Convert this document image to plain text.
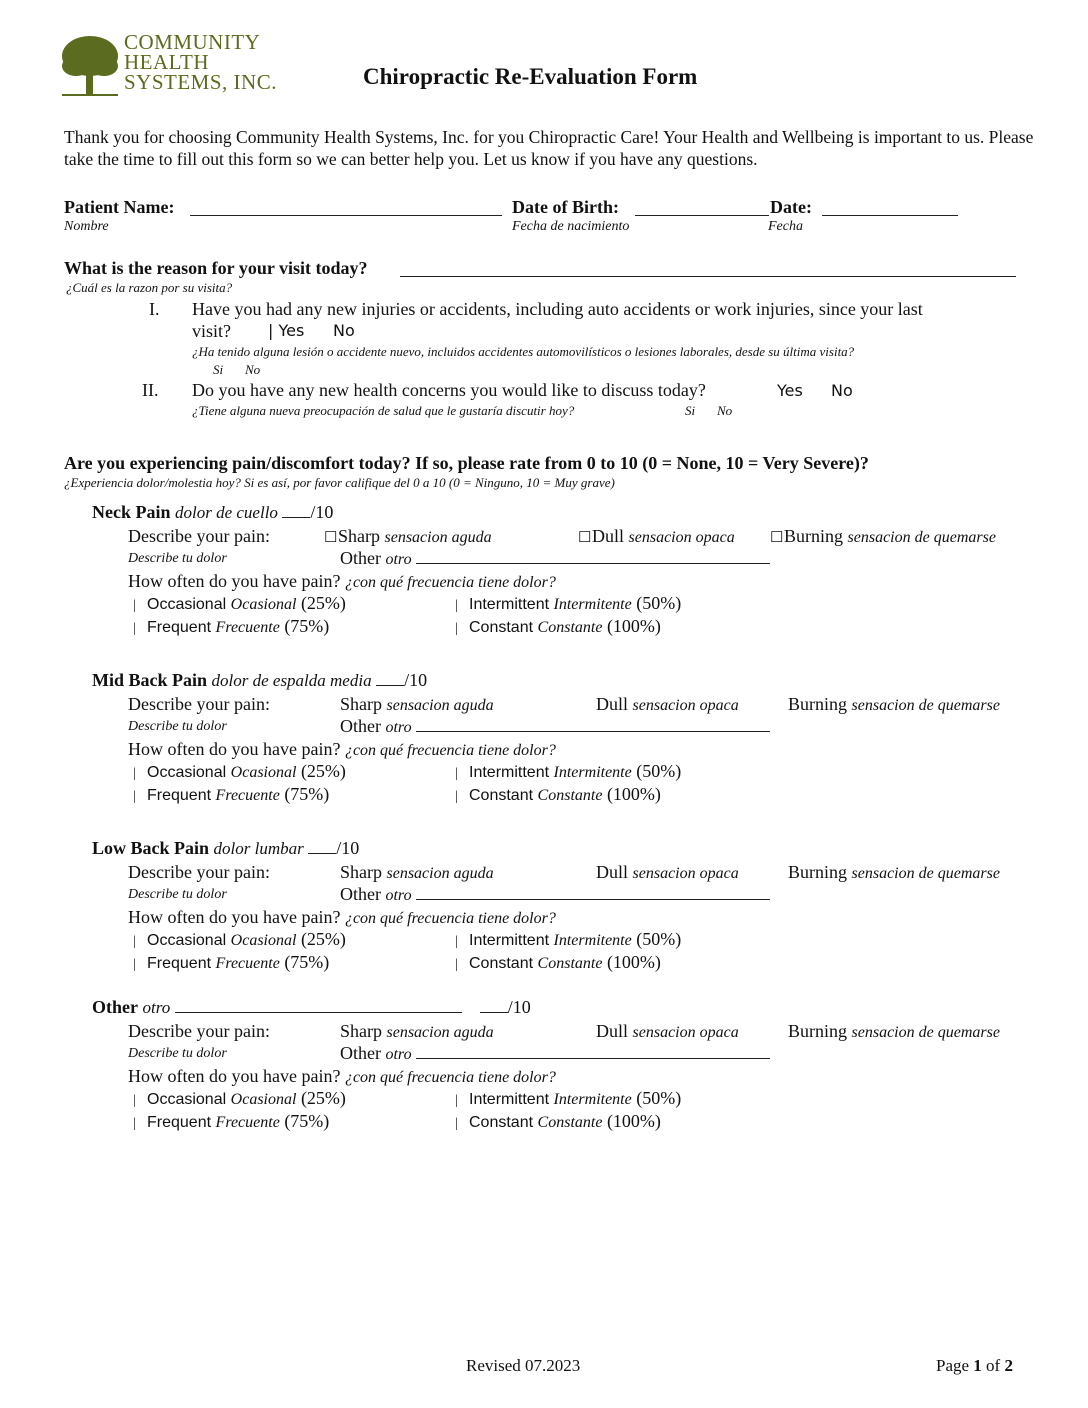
COMMUNITY
HEALTH
SYSTEMS, INC.	Chiropractic Re-Evaluation Form
Thank you for choosing Community Health Systems, Inc. for you Chiropractic Care! Your Health and Wellbeing is important to us. Please take the time to fill out this form so we can better help you. Let us know if you have any questions.
Patient Name:
Nombre
Date of Birth:
Fecha de nacimiento
Date:
Fecha
What is the reason for your visit today?
¿Cuál es la razon por su visita?
I. Have you had any new injuries or accidents, including auto accidents or work injuries, since your last
visit? | Yes No
¿Ha tenido alguna lesión o accidente nuevo, incluidos accidentes automovilísticos o lesiones laborales, desde su última visita?
Si No
II. Do you have any new health concerns you would like to discuss today?	Yes No
¿Tiene alguna nueva preocupación de salud que le gustaría discutir hoy?	Si No
Are you experiencing pain/discomfort today? If so, please rate from 0 to 10 (0 = None, 10 = Very Severe)?
¿Experiencia dolor/molestia hoy? Si es así, por favor califique del 0 a 10 (0 = Ninguno, 10 = Muy grave)
Neck Pain dolor de cuello /10
Describe your pain:	☐Sharp sensacion aguda	☐Dull sensacion opaca ☐Burning sensacion de quemarse
Describe tu dolor	Other otro
How often do you have pain? ¿con qué frecuencia tiene dolor?
| Occasional Ocasional (25%)	| Intermittent Intermitente (50%)
| Frequent Frecuente (75%)	| Constant Constante (100%)
Mid Back Pain dolor de espalda media /10
Describe your pain:	Sharp sensacion aguda	Dull sensacion opaca	Burning sensacion de quemarse
Describe tu dolor	Other otro
How often do you have pain? ¿con qué frecuencia tiene dolor?
| Occasional Ocasional (25%)	| Intermittent Intermitente (50%)
| Frequent Frecuente (75%)	| Constant Constante (100%)
Low Back Pain dolor lumbar /10
Describe your pain:	Sharp sensacion aguda	Dull sensacion opaca	Burning sensacion de quemarse
Describe tu dolor	Other otro
How often do you have pain? ¿con qué frecuencia tiene dolor?
| Occasional Ocasional (25%)	| Intermittent Intermitente (50%)
| Frequent Frecuente (75%)	| Constant Constante (100%)
Other otro	/10
Describe your pain:	Sharp sensacion aguda	Dull sensacion opaca	Burning sensacion de quemarse
Describe tu dolor	Other otro
How often do you have pain? ¿con qué frecuencia tiene dolor?
| Occasional Ocasional (25%)	| Intermittent Intermitente (50%)
| Frequent Frecuente (75%)	| Constant Constante (100%)
Revised 07.2023	Page 1 of 2
